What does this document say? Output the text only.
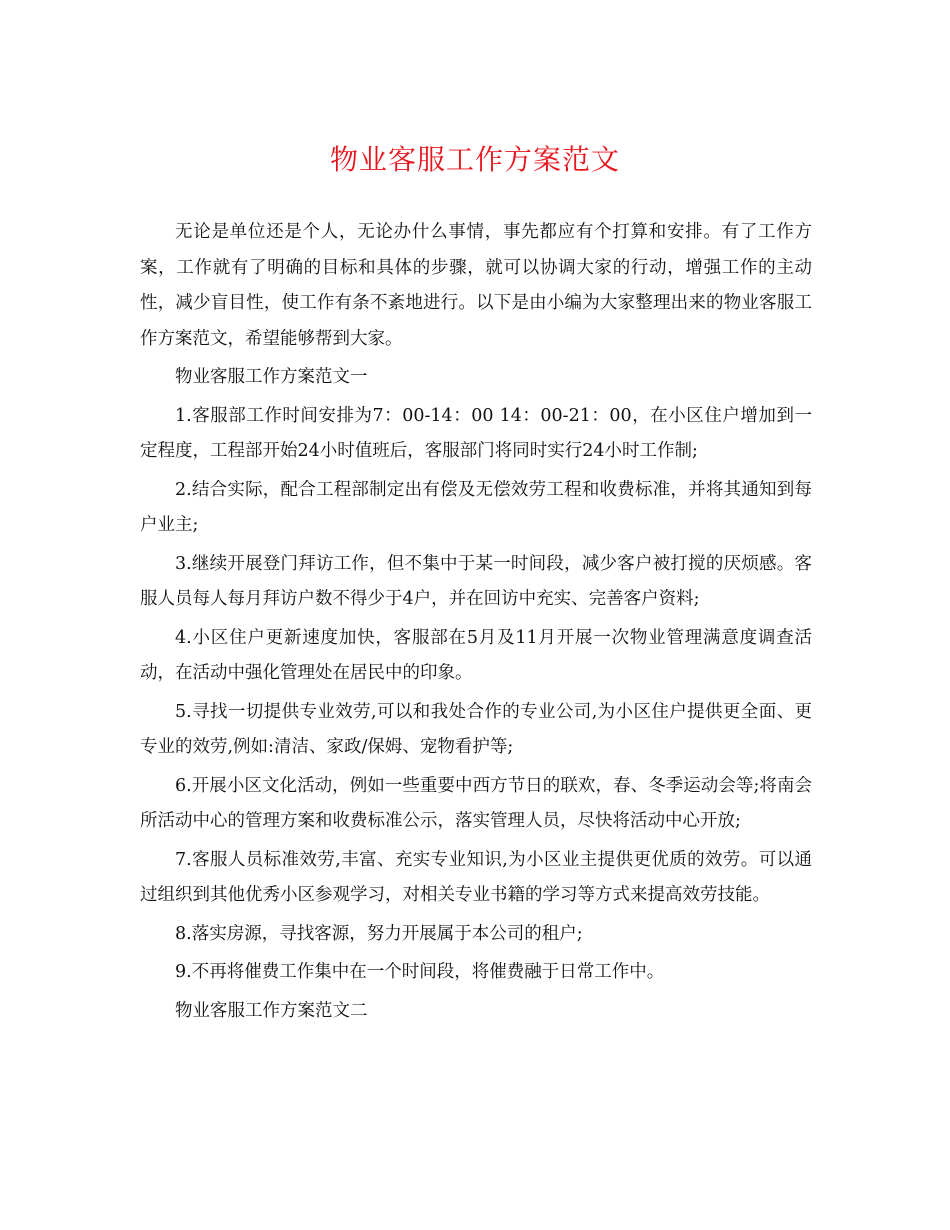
物业客服工作方案范文

无论是单位还是个人，无论办什么事情，事先都应有个打算和安排。有了工作方案，工作就有了明确的目标和具体的步骤，就可以协调大家的行动，增强工作的主动性，减少盲目性，使工作有条不紊地进行。以下是由小编为大家整理出来的物业客服工作方案范文，希望能够帮到大家。

物业客服工作方案范文一

1.客服部工作时间安排为7：00-14：00 14：00-21：00，在小区住户增加到一定程度，工程部开始24小时值班后，客服部门将同时实行24小时工作制;

2.结合实际，配合工程部制定出有偿及无偿效劳工程和收费标准，并将其通知到每户业主;

3.继续开展登门拜访工作，但不集中于某一时间段，减少客户被打搅的厌烦感。客服人员每人每月拜访户数不得少于4户，并在回访中充实、完善客户资料;

4.小区住户更新速度加快，客服部在5月及11月开展一次物业管理满意度调查活动，在活动中强化管理处在居民中的印象。

5.寻找一切提供专业效劳,可以和我处合作的专业公司,为小区住户提供更全面、更专业的效劳,例如:清洁、家政/保姆、宠物看护等;

6.开展小区文化活动，例如一些重要中西方节日的联欢，春、冬季运动会等;将南会所活动中心的管理方案和收费标准公示，落实管理人员，尽快将活动中心开放;

7.客服人员标准效劳,丰富、充实专业知识,为小区业主提供更优质的效劳。可以通过组织到其他优秀小区参观学习，对相关专业书籍的学习等方式来提高效劳技能。

8.落实房源，寻找客源，努力开展属于本公司的租户;

9.不再将催费工作集中在一个时间段，将催费融于日常工作中。

物业客服工作方案范文二
